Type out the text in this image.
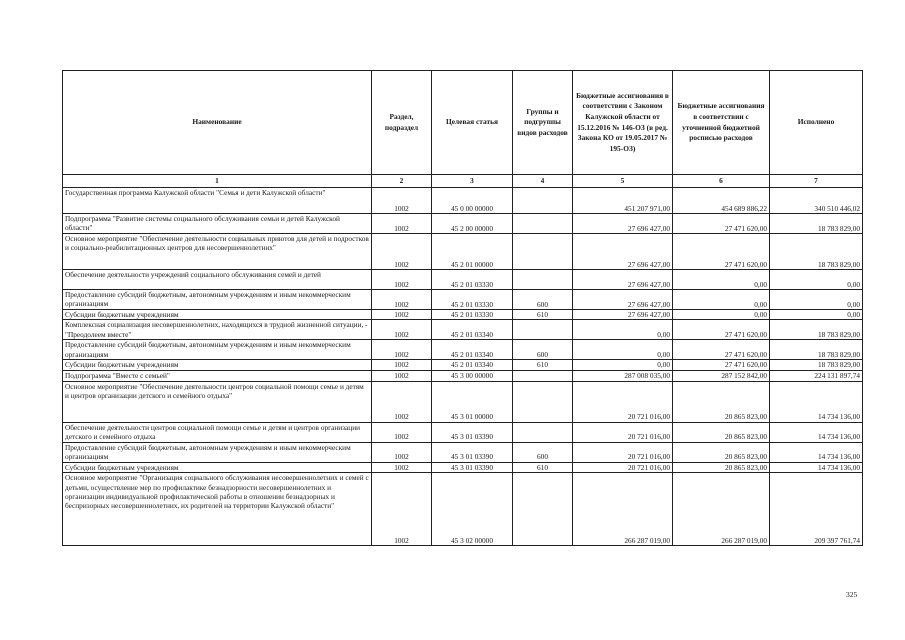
Наименование	Раздел, подраздел	Целевая статья	Группы и подгруппы видов расходов	Бюджетные ассигнования в соответствии с Законом Калужской области от 15.12.2016 № 146-ОЗ (в ред. Закона КО от 19.05.2017 № 195-ОЗ)	Бюджетные ассигнования в соответствии с уточненной бюджетной росписью расходов	Исполнено
1	2	3	4	5	6	7
Государственная программа Калужской области "Семья и дети Калужской области"	1002	45 0 00 00000		451 207 971,00	454 689 886,22	340 510 446,02
Подпрограмма "Развитие системы социального обслуживания семьи и детей Калужской области"	1002	45 2 00 00000		27 696 427,00	27 471 620,00	18 783 829,00
Основное мероприятие "Обеспечение деятельности социальных приютов для детей и подростков и социально-реабилитационных центров для несовершеннолетних"	1002	45 2 01 00000		27 696 427,00	27 471 620,00	18 783 829,00
Обеспечение деятельности учреждений социального обслуживания семей и детей	1002	45 2 01 03330		27 696 427,00	0,00	0,00
Предоставление субсидий бюджетным, автономным учреждениям и иным некоммерческим организациям	1002	45 2 01 03330	600	27 696 427,00	0,00	0,00
Субсидии бюджетным учреждениям	1002	45 2 01 03330	610	27 696 427,00	0,00	0,00
Комплексная социализация несовершеннолетних, находящихся в трудной жизненной ситуации, - "Преодолеем вместе"	1002	45 2 01 03340		0,00	27 471 620,00	18 783 829,00
Предоставление субсидий бюджетным, автономным учреждениям и иным некоммерческим организациям	1002	45 2 01 03340	600	0,00	27 471 620,00	18 783 829,00
Субсидии бюджетным учреждениям	1002	45 2 01 03340	610	0,00	27 471 620,00	18 783 829,00
Подпрограмма "Вместе с семьей"	1002	45 3 00 00000		287 008 035,00	287 152 842,00	224 131 897,74
Основное мероприятие "Обеспечение деятельности центров социальной помощи семье и детям и центров организации детского и семейного отдыха"	1002	45 3 01 00000		20 721 016,00	20 865 823,00	14 734 136,00
Обеспечение деятельности центров социальной помощи семье и детям и центров организации детского и семейного отдыха	1002	45 3 01 03390		20 721 016,00	20 865 823,00	14 734 136,00
Предоставление субсидий бюджетным, автономным учреждениям и иным некоммерческим организациям	1002	45 3 01 03390	600	20 721 016,00	20 865 823,00	14 734 136,00
Субсидии бюджетным учреждениям	1002	45 3 01 03390	610	20 721 016,00	20 865 823,00	14 734 136,00
Основное мероприятие "Организация социального обслуживания несовершеннолетних и семей с детьми, осуществление мер по профилактике безнадзорности несовершеннолетних и организации индивидуальной профилактической работы в отношении безнадзорных и беспризорных несовершеннолетних, их родителей на территории Калужской области"	1002	45 3 02 00000		266 287 019,00	266 287 019,00	209 397 761,74
325
